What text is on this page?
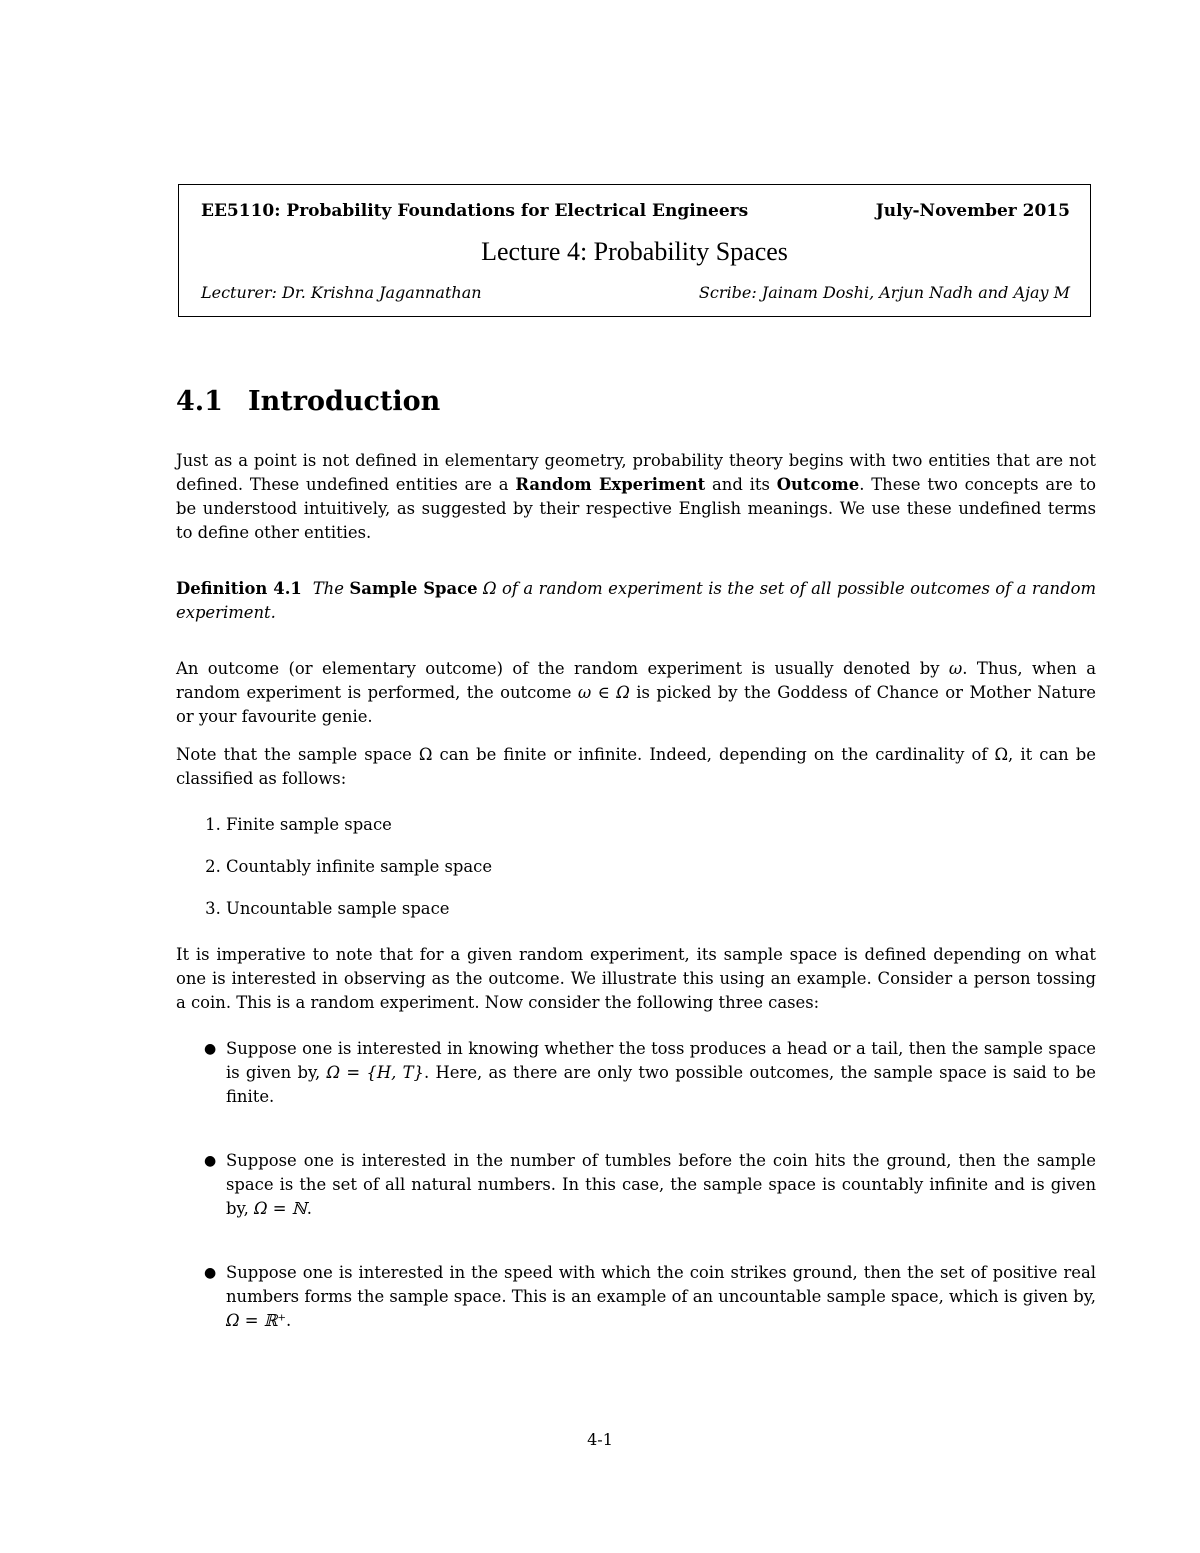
EE5110: Probability Foundations for Electrical Engineers	July-November 2015
Lecture 4: Probability Spaces
Lecturer: Dr. Krishna Jagannathan	Scribe: Jainam Doshi, Arjun Nadh and Ajay M
4.1 Introduction

Just as a point is not defined in elementary geometry, probability theory begins with two entities that are not defined. These undefined entities are a Random Experiment and its Outcome. These two concepts are to be understood intuitively, as suggested by their respective English meanings. We use these undefined terms to define other entities.

Definition 4.1 The Sample Space Ω of a random experiment is the set of all possible outcomes of a random experiment.

An outcome (or elementary outcome) of the random experiment is usually denoted by ω. Thus, when a random experiment is performed, the outcome ω ∈ Ω is picked by the Goddess of Chance or Mother Nature or your favourite genie.

Note that the sample space Ω can be finite or infinite. Indeed, depending on the cardinality of Ω, it can be classified as follows:

1. Finite sample space
2. Countably infinite sample space
3. Uncountable sample space

It is imperative to note that for a given random experiment, its sample space is defined depending on what one is interested in observing as the outcome. We illustrate this using an example. Consider a person tossing a coin. This is a random experiment. Now consider the following three cases:

● Suppose one is interested in knowing whether the toss produces a head or a tail, then the sample space is given by, Ω = {H, T}. Here, as there are only two possible outcomes, the sample space is said to be finite.
● Suppose one is interested in the number of tumbles before the coin hits the ground, then the sample space is the set of all natural numbers. In this case, the sample space is countably infinite and is given by, Ω = ℕ.
● Suppose one is interested in the speed with which the coin strikes ground, then the set of positive real numbers forms the sample space. This is an example of an uncountable sample space, which is given by, Ω = ℝ⁺.
4-1
